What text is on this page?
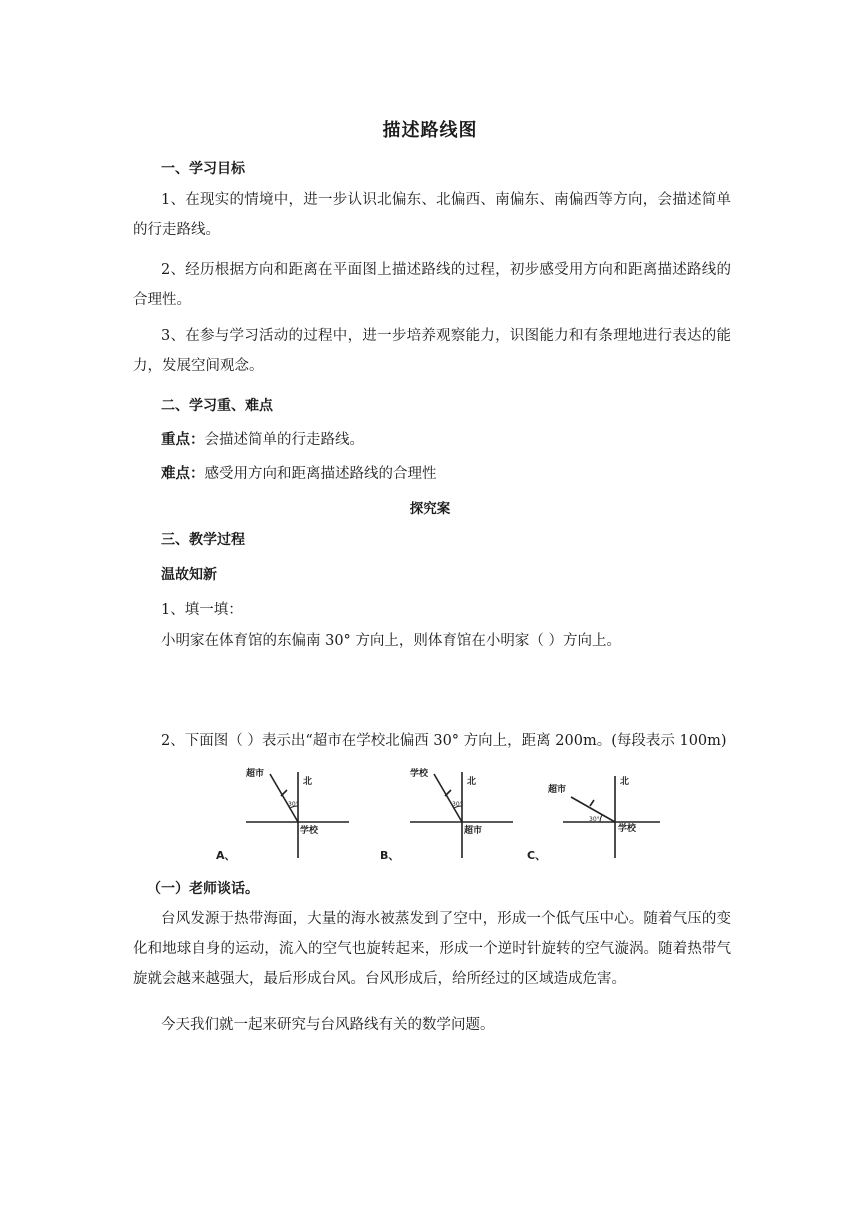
描述路线图
一、学习目标
1、在现实的情境中，进一步认识北偏东、北偏西、南偏东、南偏西等方向，会描述简单的行走路线。
2、经历根据方向和距离在平面图上描述路线的过程，初步感受用方向和距离描述路线的合理性。
3、在参与学习活动的过程中，进一步培养观察能力，识图能力和有条理地进行表达的能力，发展空间观念。
二、学习重、难点
重点：会描述简单的行走路线。
难点：感受用方向和距离描述路线的合理性
探究案
三、教学过程
温故知新
1、填一填：
小明家在体育馆的东偏南 30° 方向上，则体育馆在小明家（ ）方向上。
2、下面图（ ）表示出“超市在学校北偏西 30° 方向上，距离 200m。(每段表示 100m)
超市
北
30°
学校
A、
学校
北
30°
超市
B、
超市
北
30°
学校
C、
（一）老师谈话。
台风发源于热带海面，大量的海水被蒸发到了空中，形成一个低气压中心。随着气压的变化和地球自身的运动，流入的空气也旋转起来，形成一个逆时针旋转的空气漩涡。随着热带气旋就会越来越强大，最后形成台风。台风形成后，给所经过的区域造成危害。
今天我们就一起来研究与台风路线有关的数学问题。
